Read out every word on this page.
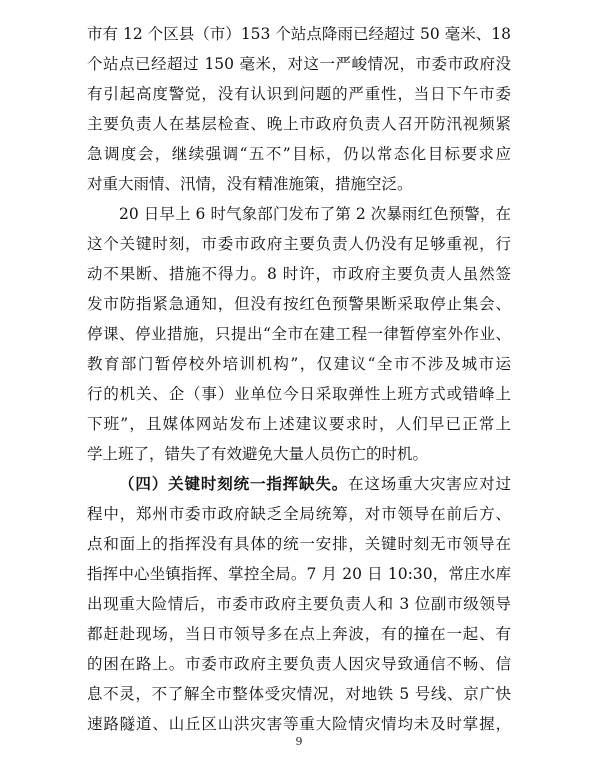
市有 12 个区县（市）153 个站点降雨已经超过 50 毫米、18
个站点已经超过 150 毫米，对这一严峻情况，市委市政府没
有引起高度警觉，没有认识到问题的严重性，当日下午市委
主要负责人在基层检查、晚上市政府负责人召开防汛视频紧
急调度会，继续强调“五不”目标，仍以常态化目标要求应
对重大雨情、汛情，没有精准施策，措施空泛。
20 日早上 6 时气象部门发布了第 2 次暴雨红色预警，在
这个关键时刻，市委市政府主要负责人仍没有足够重视，行
动不果断、措施不得力。8 时许，市政府主要负责人虽然签
发市防指紧急通知，但没有按红色预警果断采取停止集会、
停课、停业措施，只提出“全市在建工程一律暂停室外作业、
教育部门暂停校外培训机构”，仅建议“全市不涉及城市运
行的机关、企（事）业单位今日采取弹性上班方式或错峰上
下班”，且媒体网站发布上述建议要求时，人们早已正常上
学上班了，错失了有效避免大量人员伤亡的时机。
（四）关键时刻统一指挥缺失。在这场重大灾害应对过
程中，郑州市委市政府缺乏全局统筹，对市领导在前后方、
点和面上的指挥没有具体的统一安排，关键时刻无市领导在
指挥中心坐镇指挥、掌控全局。7 月 20 日 10:30，常庄水库
出现重大险情后，市委市政府主要负责人和 3 位副市级领导
都赶赴现场，当日市领导多在点上奔波，有的撞在一起、有
的困在路上。市委市政府主要负责人因灾导致通信不畅、信
息不灵，不了解全市整体受灾情况，对地铁 5 号线、京广快
速路隧道、山丘区山洪灾害等重大险情灾情均未及时掌握，
9
